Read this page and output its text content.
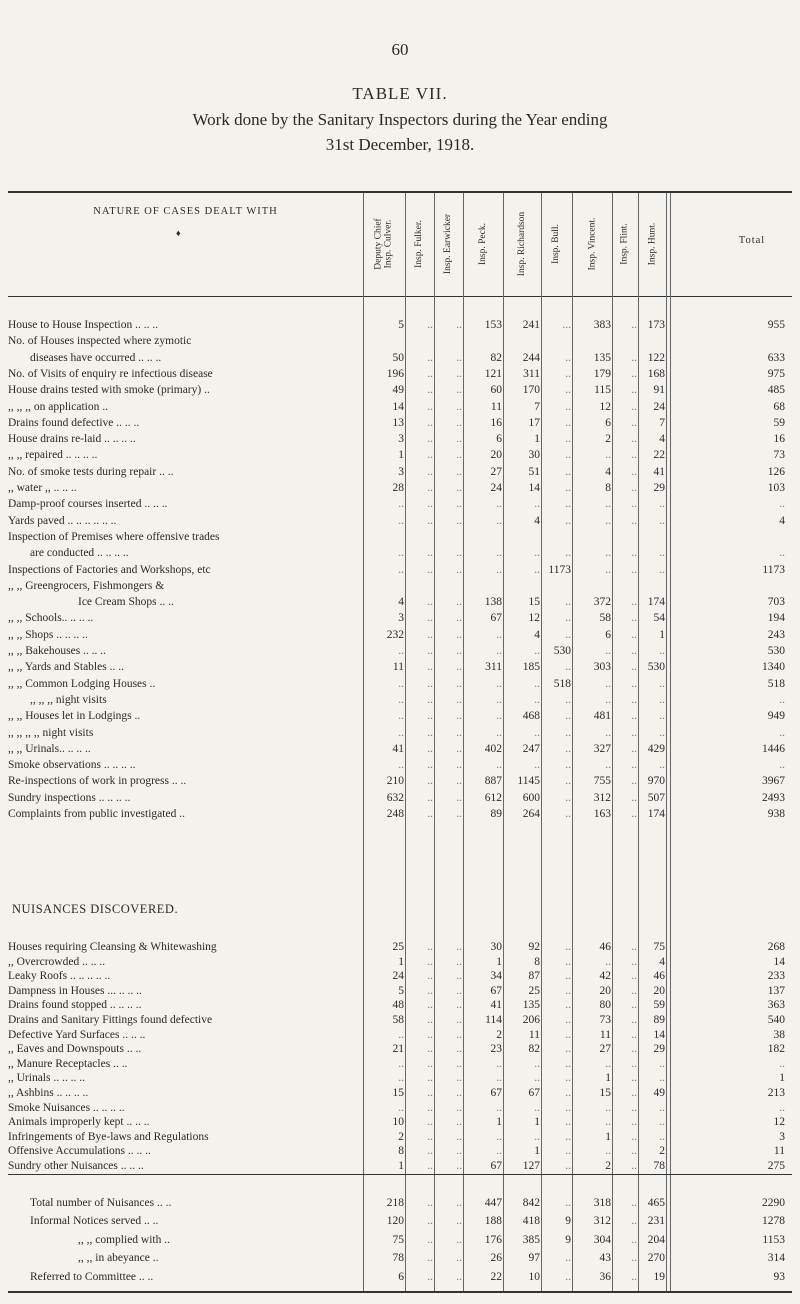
60
TABLE VII.
Work done by the Sanitary Inspectors during the Year ending
31st December, 1918.
NATURE OF CASES DEALT WITH
♦	Deputy Chief Insp. Culver. Insp. Fulker. Insp. Earwicker	Insp. Peck.	Insp. Richardson	Insp. Bull.	Insp. Vincent. Insp. Flint. Insp. Hunt.	Total
House to House Inspection .. .. ..	5 .. .. 153 241 ... 383 .. 173	955
No. of Houses inspected where zymotic
diseases have occurred .. .. ..	50 .. .. 82 244 .. 135 .. 122	633
No. of Visits of enquiry re infectious disease	196 .. .. 121 311 .. 179 .. 168	975
House drains tested with smoke (primary) ..	49 .. .. 60 170 .. 115 .. 91	485
,, ,, ,, on application ..	14 .. ..	11	7 .. 12 .. 24	68
Drains found defective .. .. ..	13 .. .. 16 17 ..	6 .. 7	59
House drains re-laid .. .. .. ..	3 .. ..	6	1 ..	2 .. 4	16
,, ,, repaired .. .. .. ..	1 .. .. 20 30 ..	.. .. 22	73
No. of smoke tests during repair .. ..	3 .. .. 27 51 ..	4 .. 41	126
,, water ,, .. .. ..	28 .. .. 24 14 ..	8 .. 29	103
Damp-proof courses inserted .. .. ..	.. .. ..	..	.. ..	.. .. ..	..
Yards paved .. .. .. .. .. ..	.. .. ..	..	4 ..	.. .. ..	4
Inspection of Premises where offensive trades
are conducted .. .. .. ..	.. .. ..	..	.. ..	.. .. ..	..
Inspections of Factories and Workshops, etc	.. .. ..	..	.. 1173	.. .. ..	1173
,, ,, Greengrocers, Fishmongers &
Ice Cream Shops .. ..	4 .. .. 138 15 .. 372 .. 174	703
,, ,, Schools.. .. .. ..	3 .. .. 67 12 .. 58 .. 54	194
,, ,, Shops .. .. .. ..	232 .. ..	..	4 ..	6 .. 1	243
,, ,, Bakehouses .. .. ..	.. .. ..	..	.. 530	.. .. ..	530
,, ,, Yards and Stables .. ..	11 .. .. 311 185 .. 303 .. 530	1340
,, ,, Common Lodging Houses ..	.. .. ..	..	.. 518	.. .. ..	518
,, ,, ,, night visits	.. .. ..	..	.. ..	.. .. ..	..
,, ,, Houses let in Lodgings ..	.. .. ..	.. 468 .. 481 .. ..	949
,, ,, ,, ,, night visits	.. .. ..	..	.. ..	.. .. ..	..
,, ,, Urinals.. .. .. ..	41 .. .. 402 247 .. 327 .. 429	1446
Smoke observations .. .. .. ..	.. .. ..	..	.. ..	.. .. ..	..
Re-inspections of work in progress .. ..	210 .. .. 887 1145 .. 755 .. 970	3967
Sundry inspections .. .. .. ..	632 .. .. 612 600 .. 312 .. 507	2493
Complaints from public investigated ..	248 .. .. 89 264 .. 163 .. 174	938
NUISANCES DISCOVERED.
Houses requiring Cleansing & Whitewashing	25 .. .. 30 92 .. 46 .. 75	268
,, Overcrowded .. .. ..	1 .. ..	1	8 ..	.. .. 4	14
Leaky Roofs .. .. .. .. ..	24 .. .. 34 87 .. 42 .. 46	233
Dampness in Houses ... .. .. ..	5 .. .. 67 25 .. 20 .. 20	137
Drains found stopped .. .. .. ..	48 .. .. 41 135 .. 80 .. 59	363
Drains and Sanitary Fittings found defective	58 .. .. 114 206 .. 73 .. 89	540
Defective Yard Surfaces .. .. ..	.. .. ..	2 11 ..	11 .. 14	38
,, Eaves and Downspouts .. ..	21 .. .. 23 82 .. 27 .. 29	182
,, Manure Receptacles .. ..	.. .. ..	..	.. ..	.. .. ..	..
,, Urinals .. .. .. ..	.. .. ..	..	.. ..	1 .. ..	1
,, Ashbins .. .. .. ..	15 .. .. 67 67 .. 15 .. 49	213
Smoke Nuisances .. .. .. ..	.. .. ..	..	.. ..	.. .. ..	..
Animals improperly kept .. .. ..	10 .. ..	1	1 ..	.. .. ..	12
Infringements of Bye-laws and Regulations	2 .. ..	..	.. ..	1 .. ..	3
Offensive Accumulations .. .. ..	8 .. ..	..	1 ..	.. .. 2	11
Sundry other Nuisances .. .. ..	1 .. .. 67 127 ..	2 .. 78	275
Total number of Nuisances .. ..	218 .. .. 447 842 .. 318 .. 465	2290
Informal Notices served .. ..	120 .. .. 188 418 9 312 .. 231	1278
,, ,, complied with ..	75 .. .. 176 385 9 304 .. 204	1153
,, ,, in abeyance ..	78 .. .. 26 97 .. 43 .. 270	314
Referred to Committee .. ..	6 .. .. 22 10 .. 36 .. 19	93
